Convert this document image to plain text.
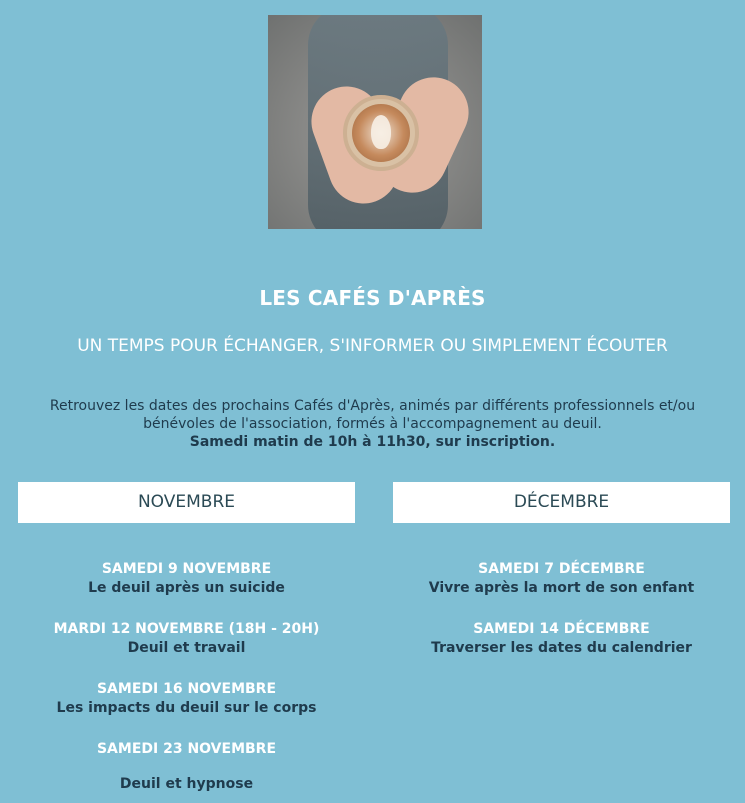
LES CAFÉS D'APRÈS
UN TEMPS POUR ÉCHANGER, S'INFORMER OU SIMPLEMENT ÉCOUTER
Retrouvez les dates des prochains Cafés d'Après, animés par différents professionnels et/ou
bénévoles de l'association, formés à l'accompagnement au deuil.
Samedi matin de 10h à 11h30, sur inscription.
NOVEMBRE	DÉCEMBRE
SAMEDI 9 NOVEMBRE
Le deuil après un suicide
MARDI 12 NOVEMBRE (18H - 20H)
Deuil et travail
SAMEDI 16 NOVEMBRE
Les impacts du deuil sur le corps
SAMEDI 23 NOVEMBRE
Deuil et hypnose
SAMEDI 7 DÉCEMBRE
Vivre après la mort de son enfant
SAMEDI 14 DÉCEMBRE
Traverser les dates du calendrier
